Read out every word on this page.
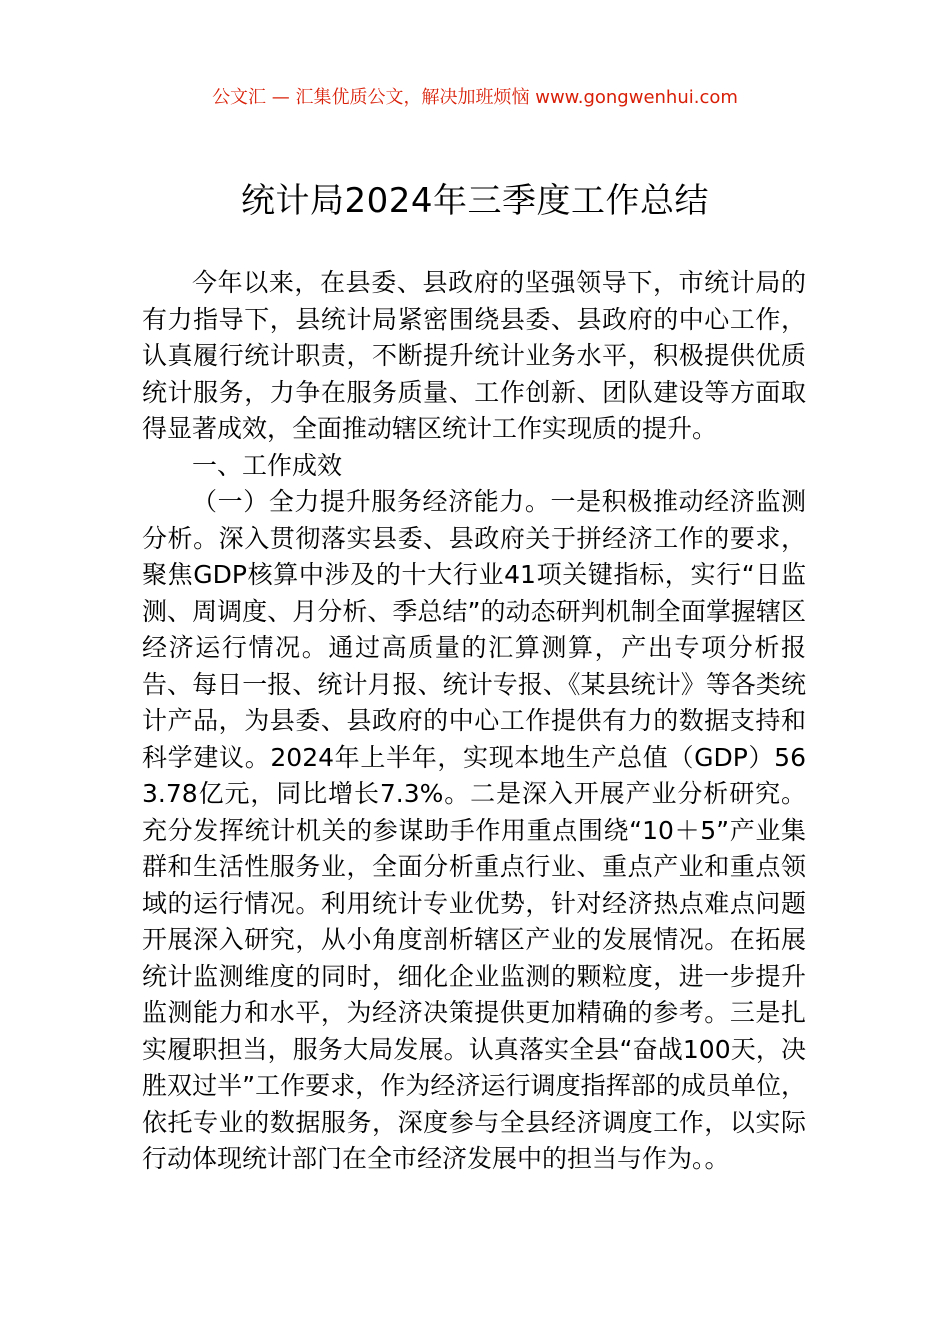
公文汇 — 汇集优质公文，解决加班烦恼 www.gongwenhui.com
统计局2024年三季度工作总结

今年以来，在县委、县政府的坚强领导下，市统计局的有力指导下，县统计局紧密围绕县委、县政府的中心工作，认真履行统计职责，不断提升统计业务水平，积极提供优质统计服务，力争在服务质量、工作创新、团队建设等方面取得显著成效，全面推动辖区统计工作实现质的提升。

一、工作成效

（一）全力提升服务经济能力。一是积极推动经济监测分析。深入贯彻落实县委、县政府关于拼经济工作的要求，聚焦GDP核算中涉及的十大行业41项关键指标，实行“日监测、周调度、月分析、季总结”的动态研判机制全面掌握辖区经济运行情况。通过高质量的汇算测算，产出专项分析报告、每日一报、统计月报、统计专报、《某县统计》等各类统计产品，为县委、县政府的中心工作提供有力的数据支持和科学建议。2024年上半年，实现本地生产总值（GDP）563.78亿元，同比增长7.3%。二是深入开展产业分析研究。充分发挥统计机关的参谋助手作用重点围绕“10＋5”产业集群和生活性服务业，全面分析重点行业、重点产业和重点领域的运行情况。利用统计专业优势，针对经济热点难点问题开展深入研究，从小角度剖析辖区产业的发展情况。在拓展统计监测维度的同时，细化企业监测的颗粒度，进一步提升监测能力和水平，为经济决策提供更加精确的参考。三是扎实履职担当，服务大局发展。认真落实全县“奋战100天，决胜双过半”工作要求，作为经济运行调度指挥部的成员单位，依托专业的数据服务，深度参与全县经济调度工作，以实际行动体现统计部门在全市经济发展中的担当与作为。。
